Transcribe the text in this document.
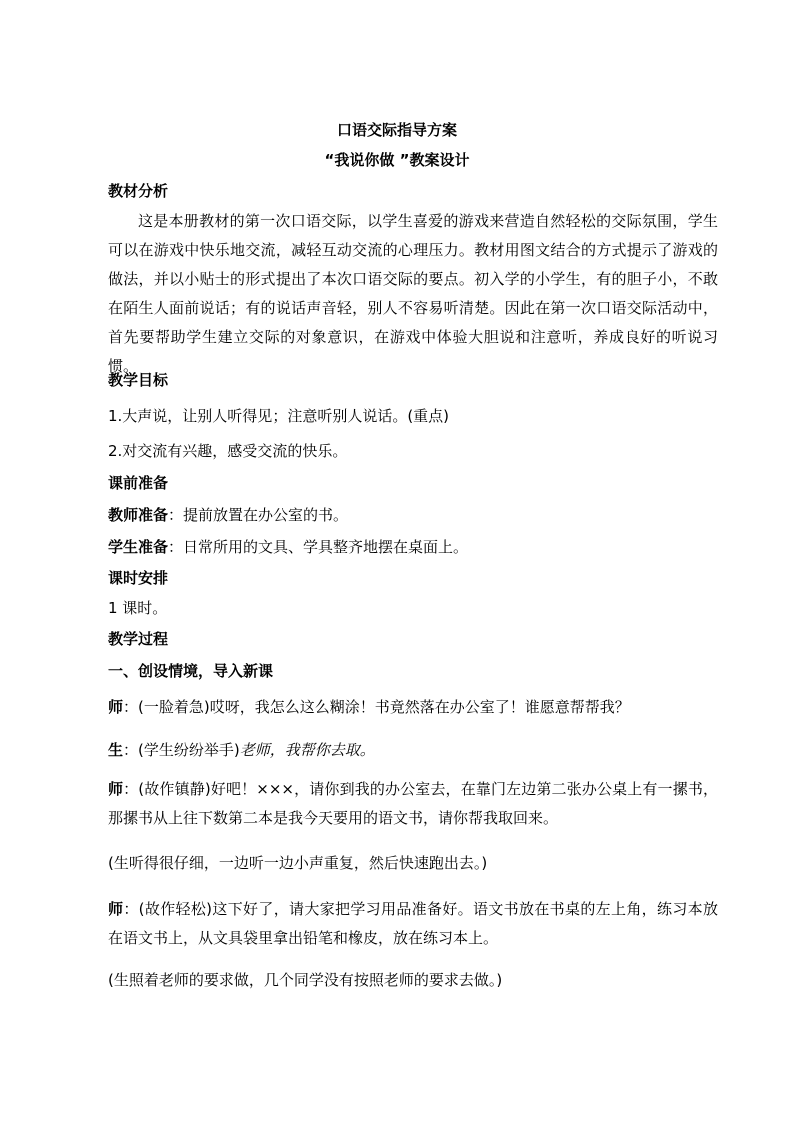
口语交际指导方案
“我说你做 ”教案设计
教材分析
这是本册教材的第一次口语交际，以学生喜爱的游戏来营造自然轻松的交际氛围，学生可以在游戏中快乐地交流，减轻互动交流的心理压力。教材用图文结合的方式提示了游戏的做法，并以小贴士的形式提出了本次口语交际的要点。初入学的小学生，有的胆子小，不敢在陌生人面前说话；有的说话声音轻，别人不容易听清楚。因此在第一次口语交际活动中，首先要帮助学生建立交际的对象意识，在游戏中体验大胆说和注意听，养成良好的听说习惯。
教学目标
1.大声说，让别人听得见；注意听别人说话。(重点)
2.对交流有兴趣，感受交流的快乐。
课前准备
教师准备：提前放置在办公室的书。
学生准备：日常所用的文具、学具整齐地摆在桌面上。
课时安排
1 课时。
教学过程
一、创设情境，导入新课
师：(一脸着急)哎呀，我怎么这么糊涂！书竟然落在办公室了！谁愿意帮帮我？
生：(学生纷纷举手)老师，我帮你去取。
师：(故作镇静)好吧！×××，请你到我的办公室去，在靠门左边第二张办公桌上有一摞书，那摞书从上往下数第二本是我今天要用的语文书，请你帮我取回来。
(生听得很仔细，一边听一边小声重复，然后快速跑出去。)
师：(故作轻松)这下好了，请大家把学习用品准备好。语文书放在书桌的左上角，练习本放在语文书上，从文具袋里拿出铅笔和橡皮，放在练习本上。
(生照着老师的要求做，几个同学没有按照老师的要求去做。)
